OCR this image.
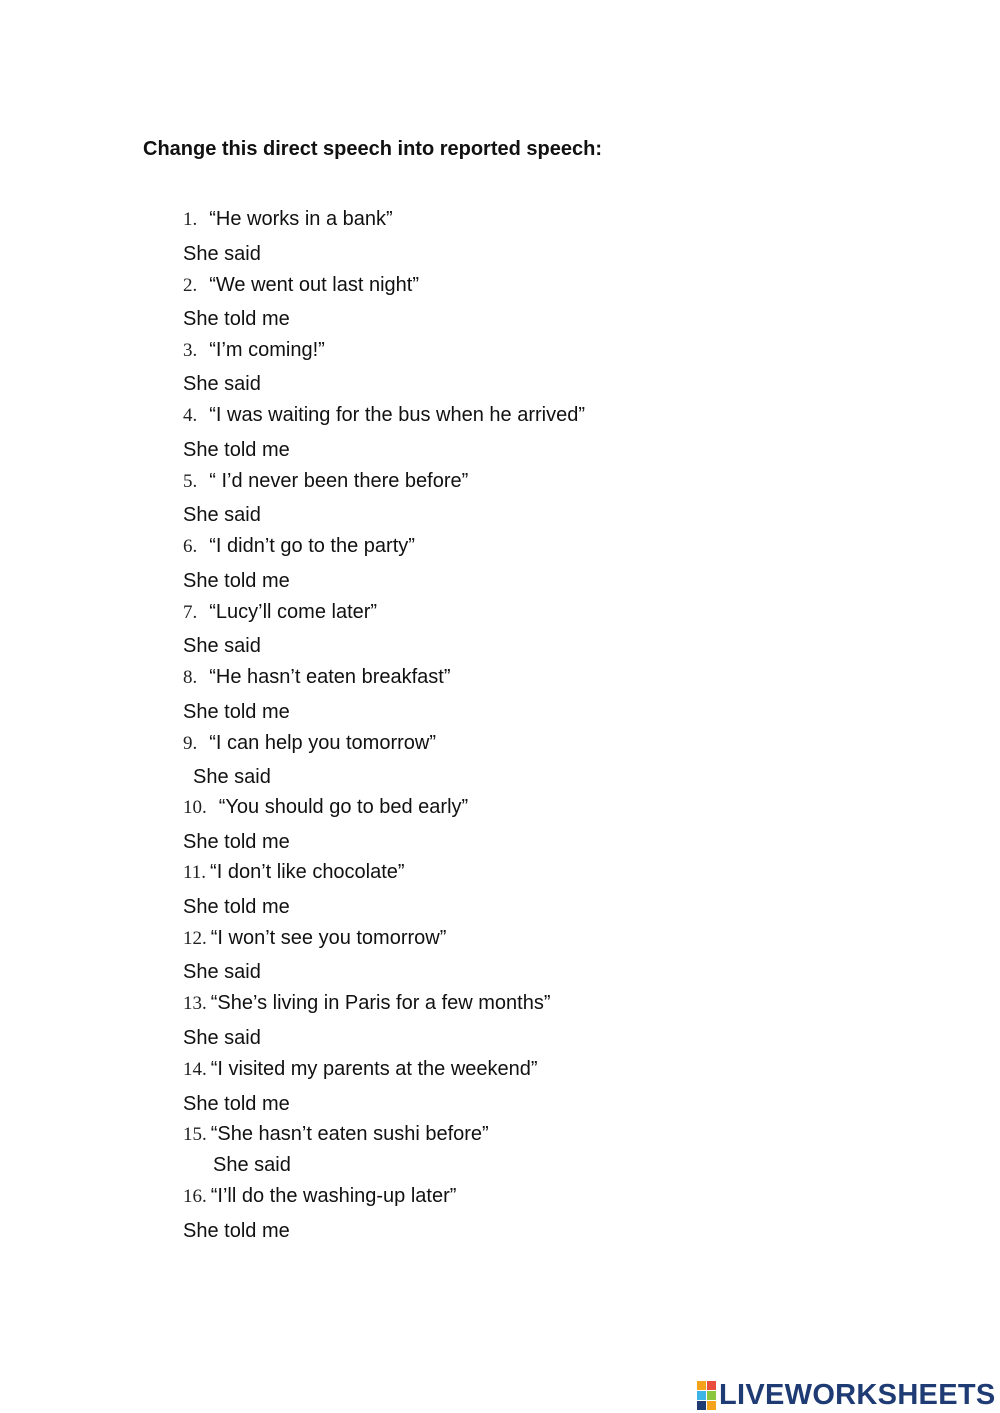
Change this direct speech into reported speech:
1. “He works in a bank”
She said
2. “We went out last night”
She told me
3. “I’m coming!”
She said
4. “I was waiting for the bus when he arrived”
She told me
5. “ I’d never been there before”
She said
6. “I didn’t go to the party”
She told me
7. “Lucy’ll come later”
She said
8. “He hasn’t eaten breakfast”
She told me
9. “I can help you tomorrow”
She said
10. “You should go to bed early”
She told me
11. “I don’t like chocolate”
She told me
12. “I won’t see you tomorrow”
She said
13. “She’s living in Paris for a few months”
She said
14. “I visited my parents at the weekend”
She told me
15. “She hasn’t eaten sushi before”
She said
16. “I’ll do the washing-up later”
She told me
LIVEWORKSHEETS
